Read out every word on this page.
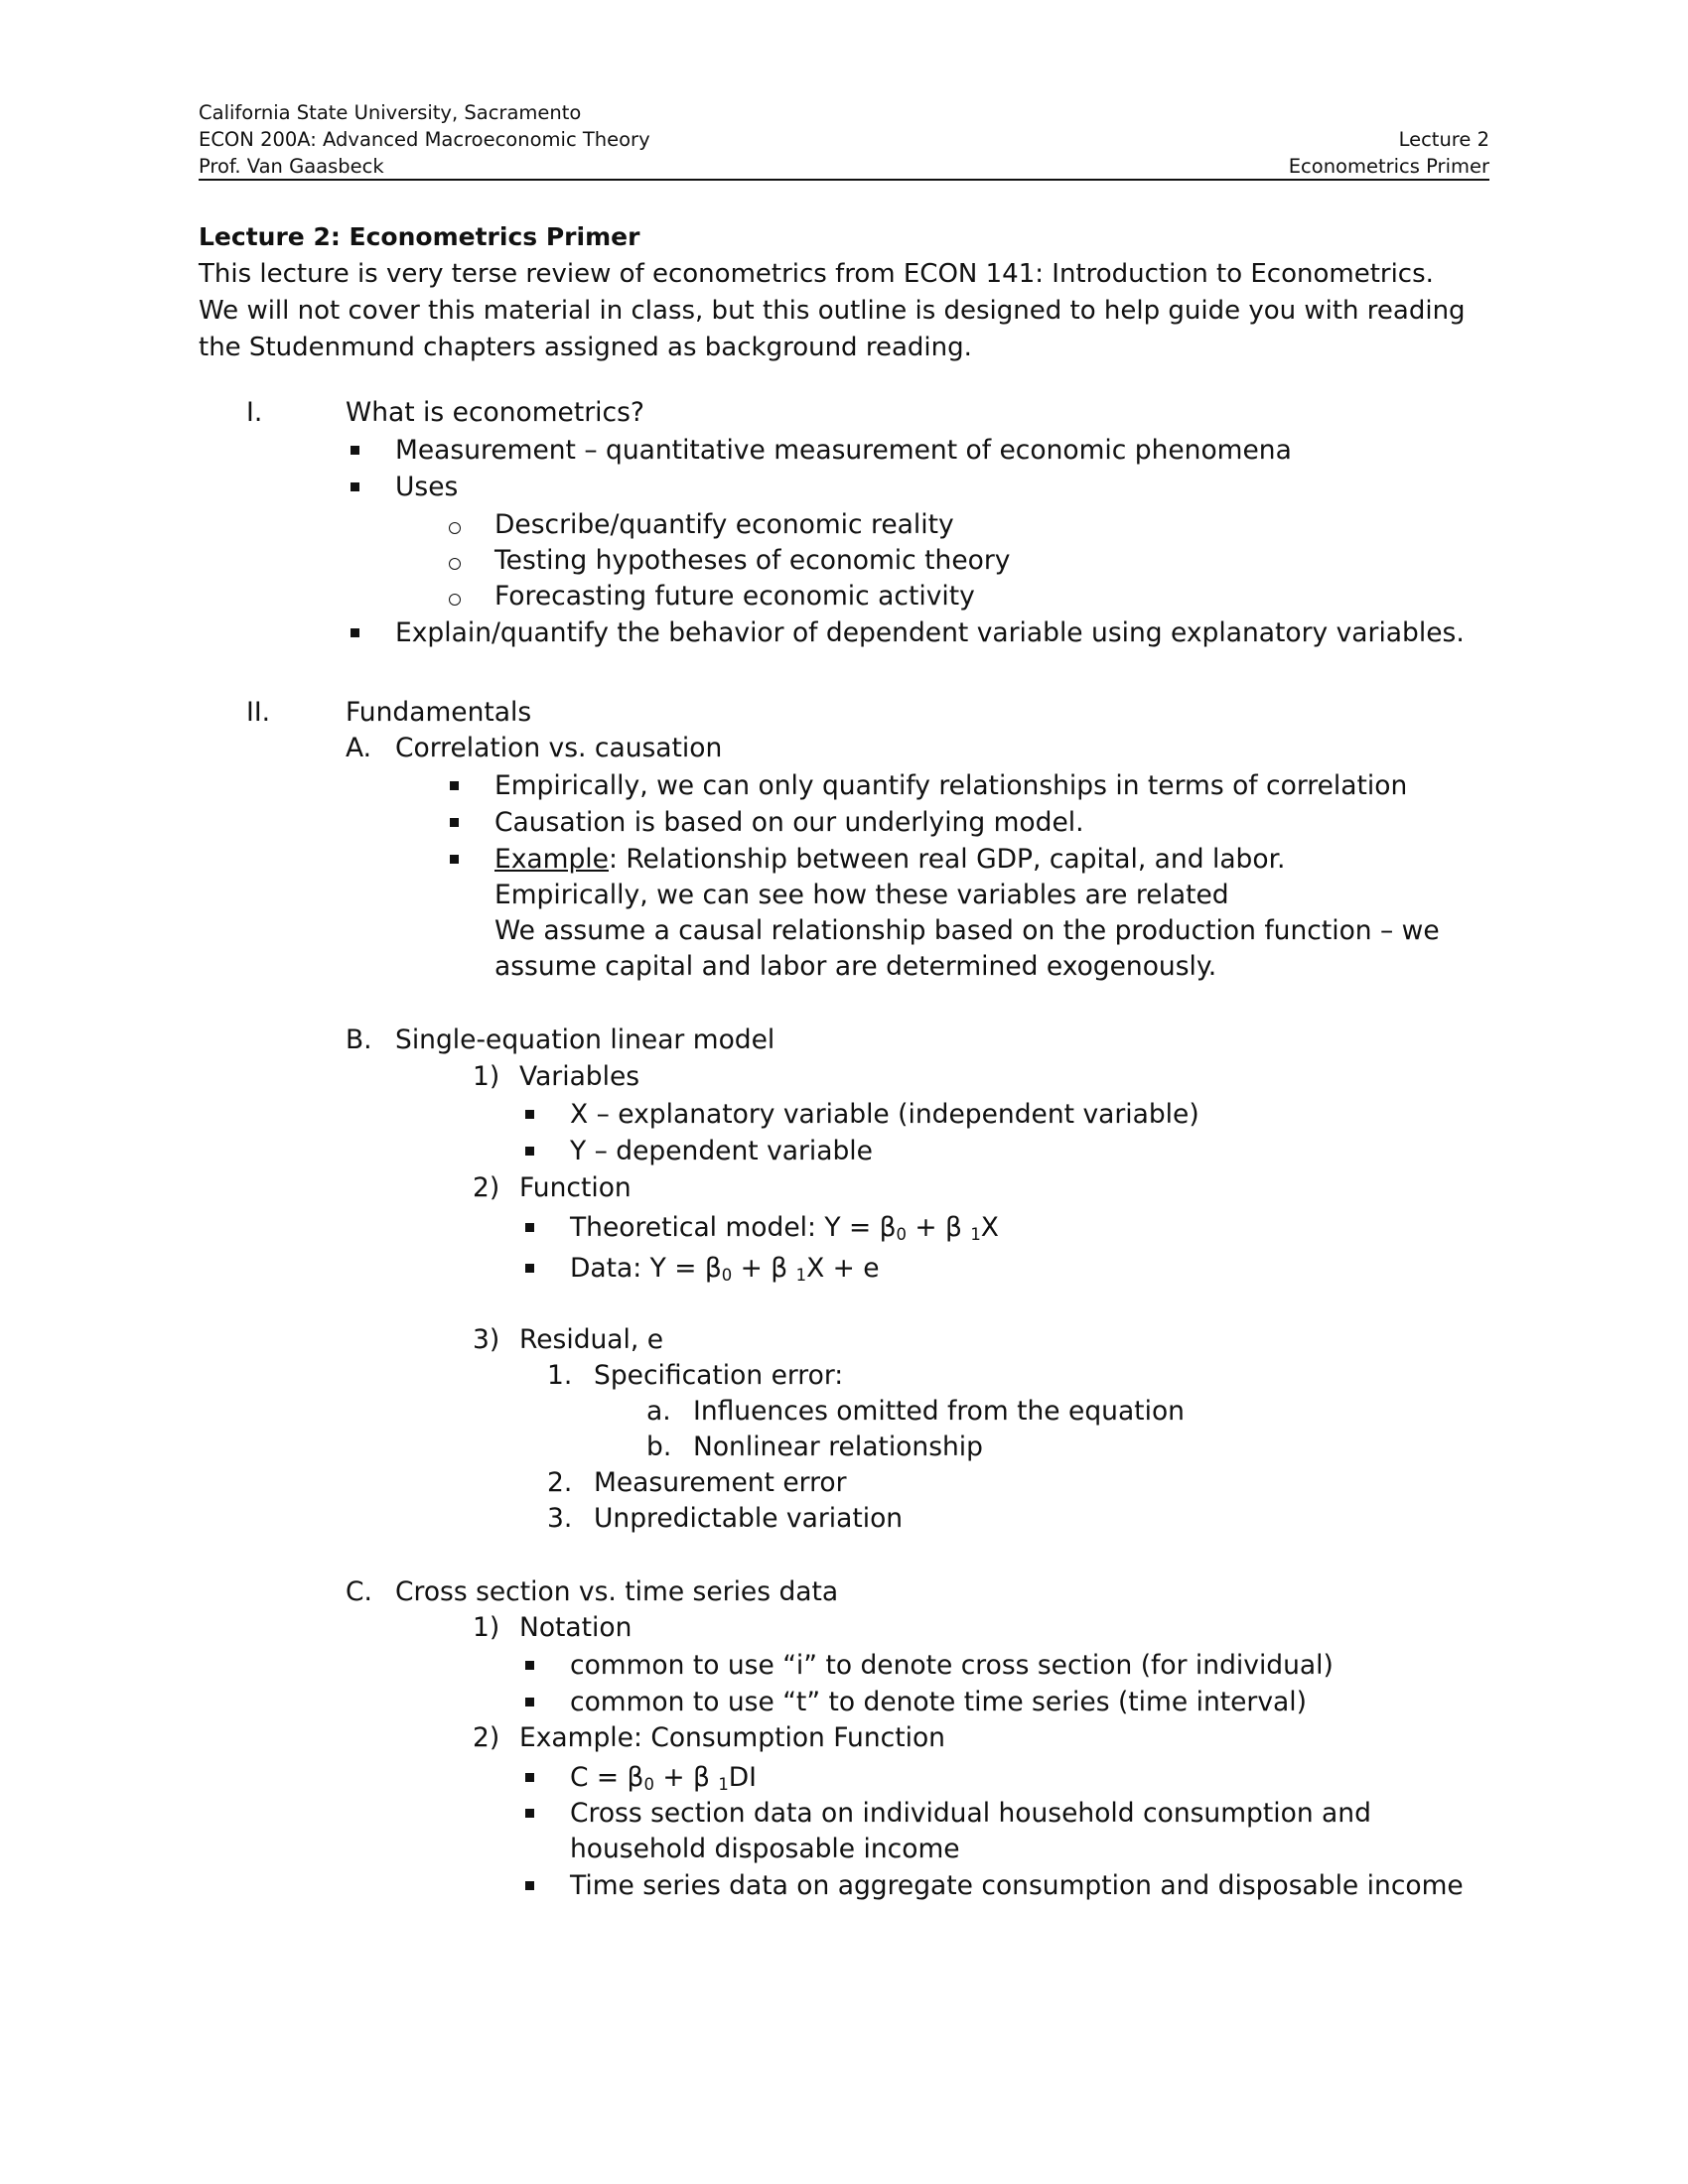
California State University, Sacramento
ECON 200A: Advanced Macroeconomic Theory
Prof. Van Gaasbeck
Lecture 2
Econometrics Primer
Lecture 2: Econometrics Primer
This lecture is very terse review of econometrics from ECON 141: Introduction to Econometrics.
We will not cover this material in class, but this outline is designed to help guide you with reading
the Studenmund chapters assigned as background reading.
I.	What is econometrics?
Measurement – quantitative measurement of economic phenomena
Uses
Describe/quantify economic reality
Testing hypotheses of economic theory
Forecasting future economic activity
Explain/quantify the behavior of dependent variable using explanatory variables.
II.	Fundamentals
A. Correlation vs. causation
Empirically, we can only quantify relationships in terms of correlation
Causation is based on our underlying model.
Example: Relationship between real GDP, capital, and labor.
Empirically, we can see how these variables are related
We assume a causal relationship based on the production function – we
assume capital and labor are determined exogenously.
B. Single-equation linear model
1) Variables
X – explanatory variable (independent variable)
Y – dependent variable
2) Function
Theoretical model: $Y = \beta_0 + \beta$ $_1$X
Data: $Y = \beta_0 + \beta$ $_1$X + e
3) Residual, e
1. Specification error:
a. Influences omitted from the equation
b. Nonlinear relationship
2. Measurement error
3. Unpredictable variation
C. Cross section vs. time series data
1) Notation
common to use “i” to denote cross section (for individual)
common to use “t” to denote time series (time interval)
2) Example: Consumption Function
$C = \beta_0 + \beta$ $_1$DI
Cross section data on individual household consumption and
household disposable income
Time series data on aggregate consumption and disposable income
